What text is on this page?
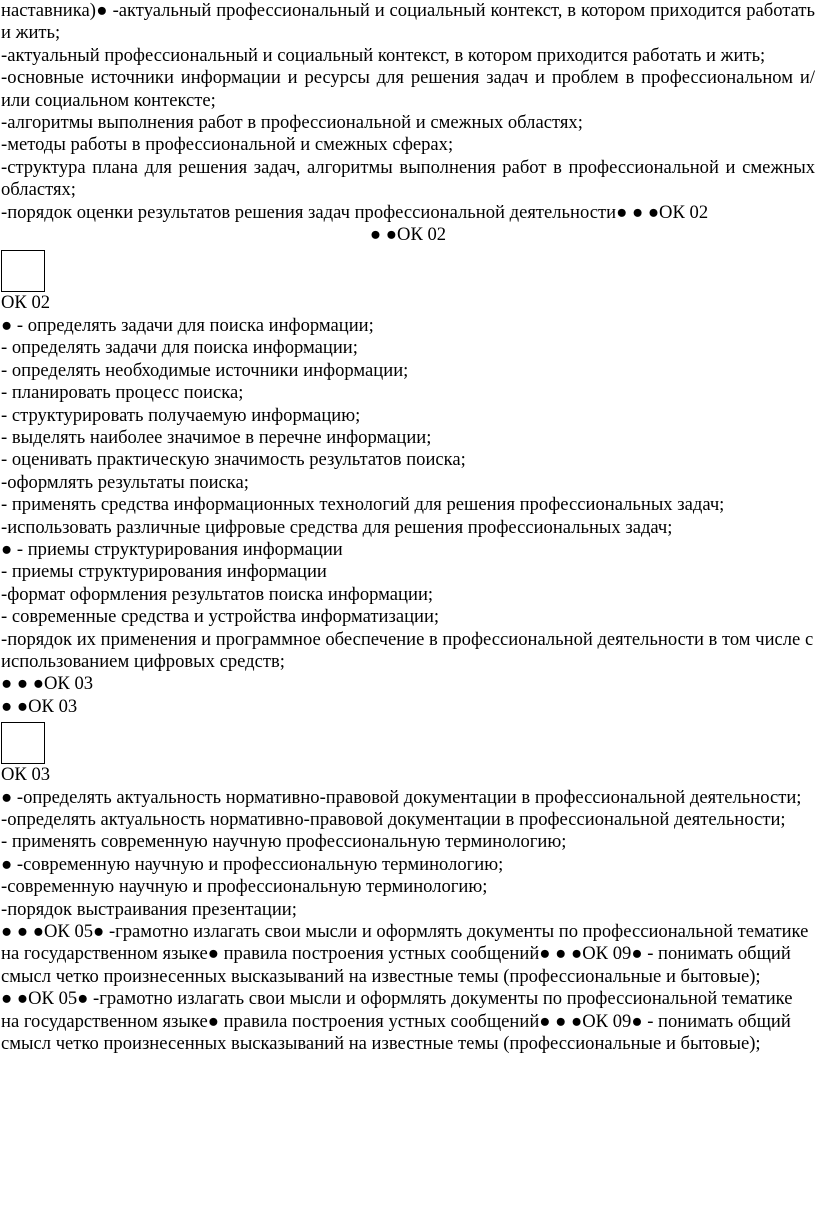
наставника)● -актуальный профессиональный и социальный контекст, в котором приходится работать и жить;

-актуальный профессиональный и социальный контекст, в котором приходится работать и жить;

-основные источники информации и ресурсы для решения задач и проблем в профессиональном и/или социальном контексте;

-алгоритмы выполнения работ в профессиональной и смежных областях;

-методы работы в профессиональной и смежных сферах;

-структура плана для решения задач, алгоритмы выполнения работ в профессиональной и смежных областях;

-порядок оценки результатов решения задач профессиональной деятельности● ● ●ОК 02

● ●ОК 02

ОК 02

● - определять задачи для поиска информации;

- определять задачи для поиска информации;

- определять необходимые источники информации;

- планировать процесс поиска;

- структурировать получаемую информацию;

- выделять наиболее значимое в перечне информации;

- оценивать практическую значимость результатов поиска;

-оформлять результаты поиска;

- применять средства информационных технологий для решения профессиональных задач;

-использовать различные цифровые средства для решения профессиональных задач;

● - приемы структурирования информации

- приемы структурирования информации

-формат оформления результатов поиска информации;

- современные средства и устройства информатизации;

-порядок их применения и программное обеспечение в профессиональной деятельности в том числе с использованием цифровых средств;

● ● ●ОК 03

● ●ОК 03

ОК 03

● -определять актуальность нормативно-правовой документации в профессиональной деятельности;

-определять актуальность нормативно-правовой документации в профессиональной деятельности;

- применять современную научную профессиональную терминологию;

● -современную научную и профессиональную терминологию;

-современную научную и профессиональную терминологию;

-порядок выстраивания презентации;

● ● ●ОК 05● -грамотно излагать свои мысли и оформлять документы по профессиональной тематике на государственном языке● правила построения устных сообщений● ● ●ОК 09● - понимать общий смысл четко произнесенных высказываний на известные темы (профессиональные и бытовые);

● ●ОК 05● -грамотно излагать свои мысли и оформлять документы по профессиональной тематике на государственном языке● правила построения устных сообщений● ● ●ОК 09● - понимать общий смысл четко произнесенных высказываний на известные темы (профессиональные и бытовые);
